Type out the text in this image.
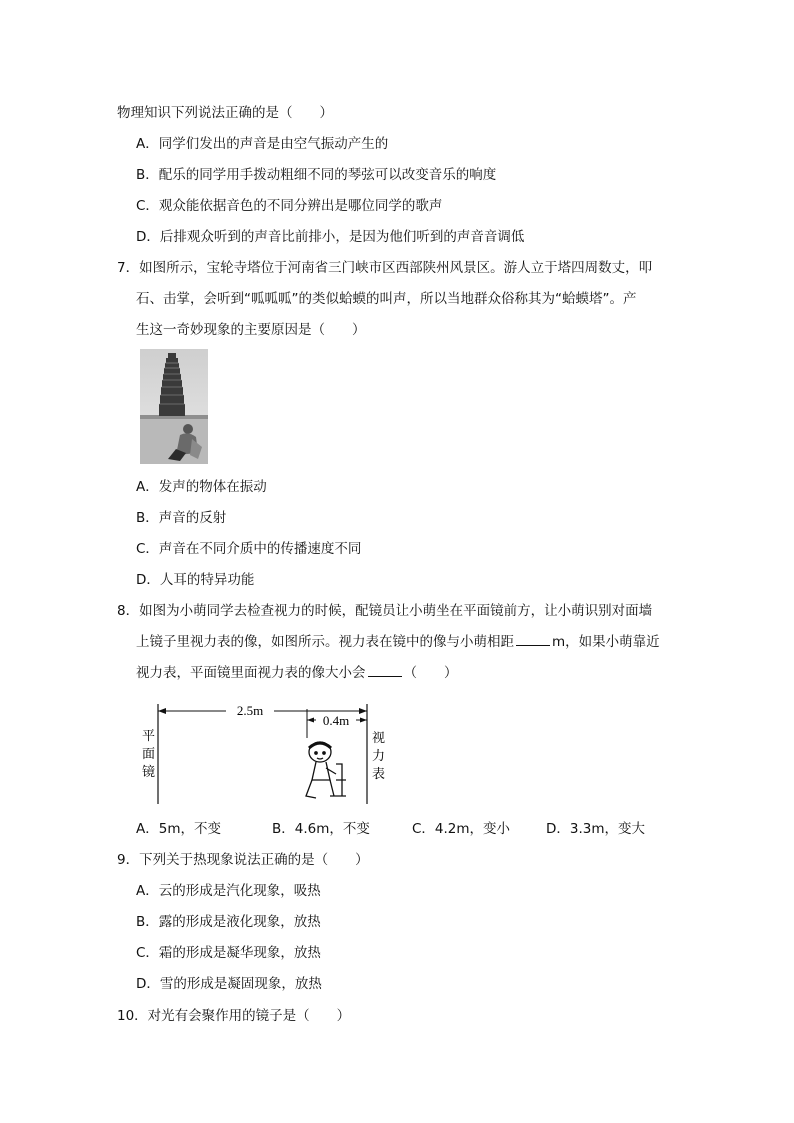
物理知识下列说法正确的是（　　）
A．同学们发出的声音是由空气振动产生的
B．配乐的同学用手拨动粗细不同的琴弦可以改变音乐的响度
C．观众能依据音色的不同分辨出是哪位同学的歌声
D．后排观众听到的声音比前排小，是因为他们听到的声音音调低
7．如图所示，宝轮寺塔位于河南省三门峡市区西部陕州风景区。游人立于塔四周数丈，叩
石、击掌，会听到“呱呱呱”的类似蛤蟆的叫声，所以当地群众俗称其为“蛤蟆塔”。产
生这一奇妙现象的主要原因是（　　）
A．发声的物体在振动
B．声音的反射
C．声音在不同介质中的传播速度不同
D．人耳的特异功能
8．如图为小萌同学去检查视力的时候，配镜员让小萌坐在平面镜前方，让小萌识别对面墙
上镜子里视力表的像，如图所示。视力表在镜中的像与小萌相距	m，如果小萌靠近
视力表，平面镜里面视力表的像大小会	（　　）
2.5m
0.4m
平
面
镜
视
力
表
A．5m，不变	B．4.6m，不变	C．4.2m，变小	D．3.3m，变大
9．下列关于热现象说法正确的是（　　）
A．云的形成是汽化现象，吸热
B．露的形成是液化现象，放热
C．霜的形成是凝华现象，放热
D．雪的形成是凝固现象，放热
10．对光有会聚作用的镜子是（　　）
